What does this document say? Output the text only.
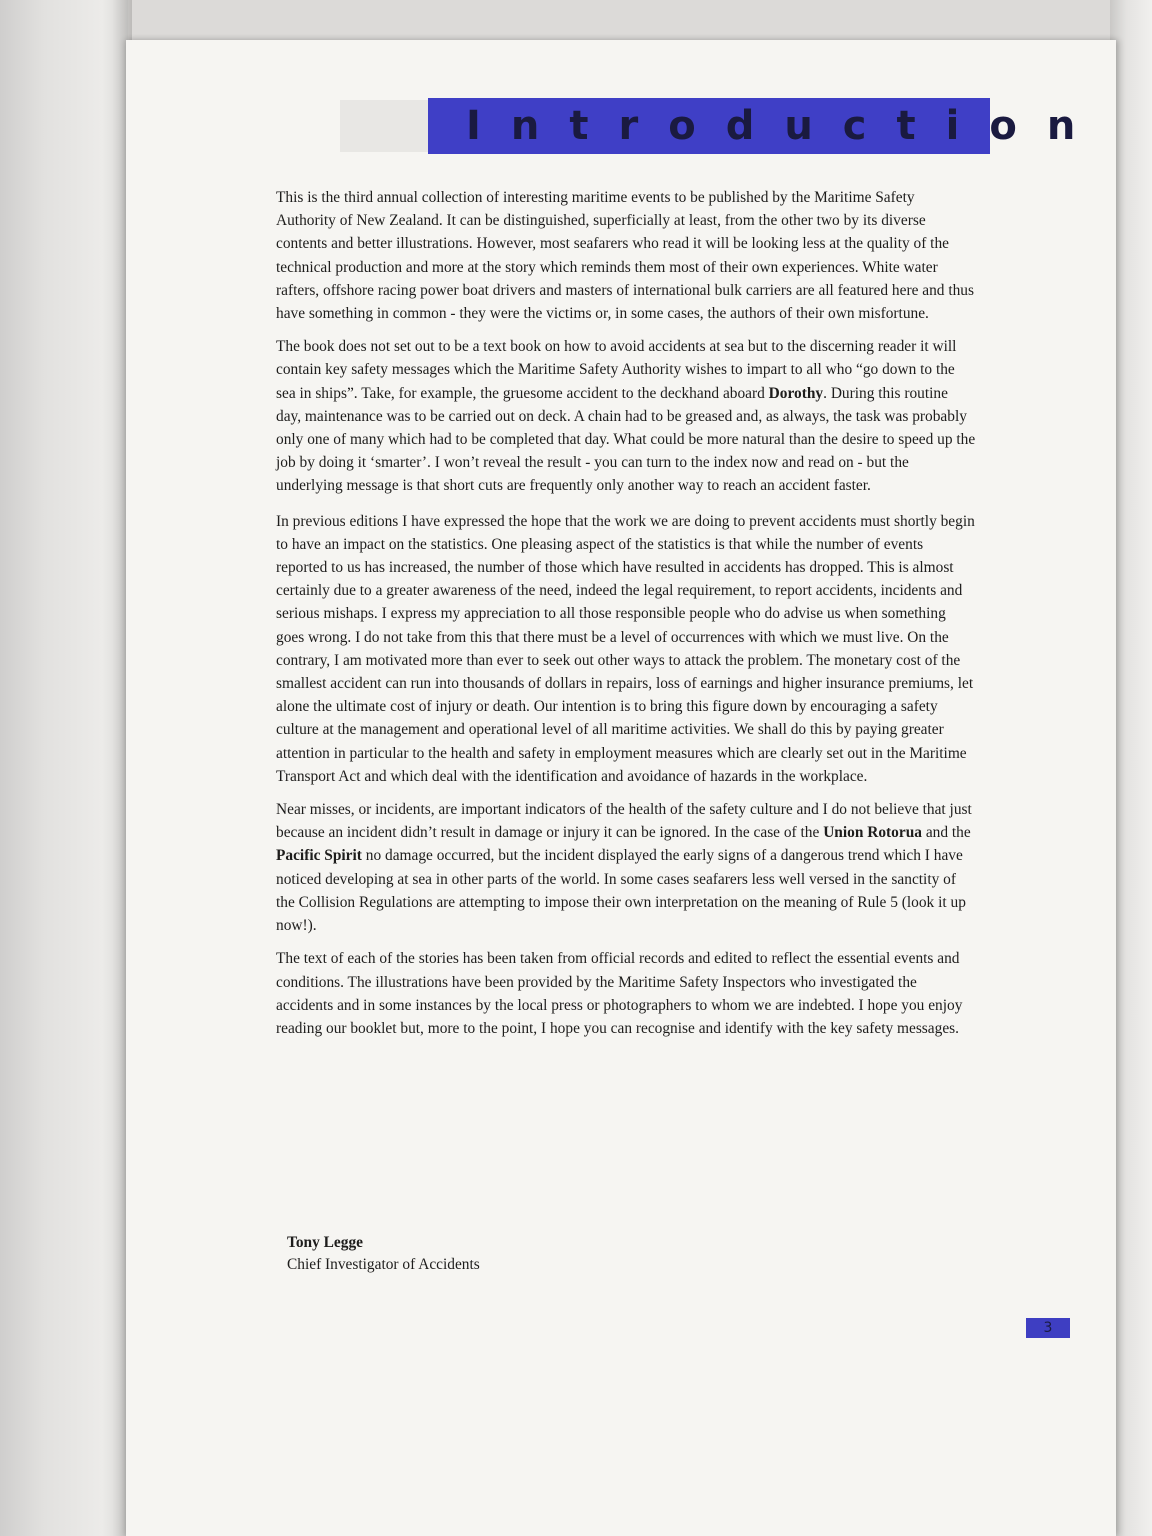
Introduction

This is the third annual collection of interesting maritime events to be published by the Maritime Safety Authority of New Zealand. It can be distinguished, superficially at least, from the other two by its diverse contents and better illustrations. However, most seafarers who read it will be looking less at the quality of the technical production and more at the story which reminds them most of their own experiences. White water rafters, offshore racing power boat drivers and masters of international bulk carriers are all featured here and thus have something in common - they were the victims or, in some cases, the authors of their own misfortune.

The book does not set out to be a text book on how to avoid accidents at sea but to the discerning reader it will contain key safety messages which the Maritime Safety Authority wishes to impart to all who “go down to the sea in ships”. Take, for example, the gruesome accident to the deckhand aboard Dorothy. During this routine day, maintenance was to be carried out on deck. A chain had to be greased and, as always, the task was probably only one of many which had to be completed that day. What could be more natural than the desire to speed up the job by doing it ‘smarter’. I won’t reveal the result - you can turn to the index now and read on - but the underlying message is that short cuts are frequently only another way to reach an accident faster.

In previous editions I have expressed the hope that the work we are doing to prevent accidents must shortly begin to have an impact on the statistics. One pleasing aspect of the statistics is that while the number of events reported to us has increased, the number of those which have resulted in accidents has dropped. This is almost certainly due to a greater awareness of the need, indeed the legal requirement, to report accidents, incidents and serious mishaps. I express my appreciation to all those responsible people who do advise us when something goes wrong. I do not take from this that there must be a level of occurrences with which we must live. On the contrary, I am motivated more than ever to seek out other ways to attack the problem. The monetary cost of the smallest accident can run into thousands of dollars in repairs, loss of earnings and higher insurance premiums, let alone the ultimate cost of injury or death. Our intention is to bring this figure down by encouraging a safety culture at the management and operational level of all maritime activities. We shall do this by paying greater attention in particular to the health and safety in employment measures which are clearly set out in the Maritime Transport Act and which deal with the identification and avoidance of hazards in the workplace.

Near misses, or incidents, are important indicators of the health of the safety culture and I do not believe that just because an incident didn’t result in damage or injury it can be ignored. In the case of the Union Rotorua and the Pacific Spirit no damage occurred, but the incident displayed the early signs of a dangerous trend which I have noticed developing at sea in other parts of the world. In some cases seafarers less well versed in the sanctity of the Collision Regulations are attempting to impose their own interpretation on the meaning of Rule 5 (look it up now!).

The text of each of the stories has been taken from official records and edited to reflect the essential events and conditions. The illustrations have been provided by the Maritime Safety Inspectors who investigated the accidents and in some instances by the local press or photographers to whom we are indebted. I hope you enjoy reading our booklet but, more to the point, I hope you can recognise and identify with the key safety messages.

Tony Legge
Chief Investigator of Accidents
3
